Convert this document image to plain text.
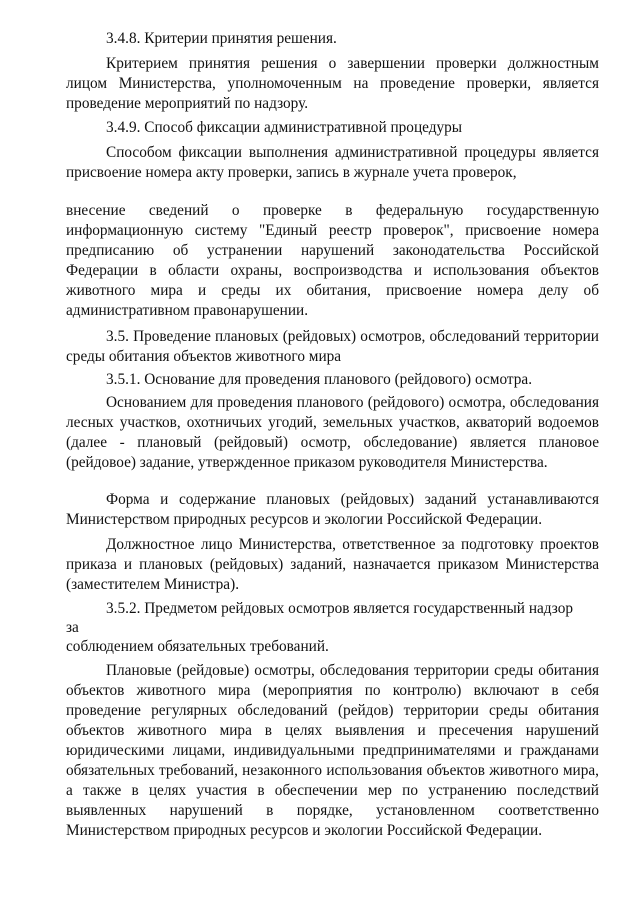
3.4.8. Критерии принятия решения.

Критерием принятия решения о завершении проверки должностным лицом Министерства, уполномоченным на проведение проверки, является проведение мероприятий по надзору.

3.4.9. Способ фиксации административной процедуры

Способом фиксации выполнения административной процедуры является присвоение номера акту проверки, запись в журнале учета проверок,

внесение сведений о проверке в федеральную государственную информационную систему "Единый реестр проверок", присвоение номера предписанию об устранении нарушений законодательства Российской Федерации в области охраны, воспроизводства и использования объектов животного мира и среды их обитания, присвоение номера делу об административном правонарушении.

3.5. Проведение плановых (рейдовых) осмотров, обследований территории среды обитания объектов животного мира

3.5.1. Основание для проведения планового (рейдового) осмотра.

Основанием для проведения планового (рейдового) осмотра, обследования лесных участков, охотничьих угодий, земельных участков, акваторий водоемов (далее - плановый (рейдовый) осмотр, обследование) является плановое (рейдовое) задание, утвержденное приказом руководителя Министерства.

Форма и содержание плановых (рейдовых) заданий устанавливаются Министерством природных ресурсов и экологии Российской Федерации.

Должностное лицо Министерства, ответственное за подготовку проектов приказа и плановых (рейдовых) заданий, назначается приказом Министерства (заместителем Министра).

3.5.2. Предметом рейдовых осмотров является государственный надзор

за

соблюдением обязательных требований.

Плановые (рейдовые) осмотры, обследования территории среды обитания объектов животного мира (мероприятия по контролю) включают в себя проведение регулярных обследований (рейдов) территории среды обитания объектов животного мира в целях выявления и пресечения нарушений юридическими лицами, индивидуальными предпринимателями и гражданами обязательных требований, незаконного использования объектов животного мира, а также в целях участия в обеспечении мер по устранению последствий выявленных нарушений в порядке, установленном соответственно Министерством природных ресурсов и экологии Российской Федерации.
